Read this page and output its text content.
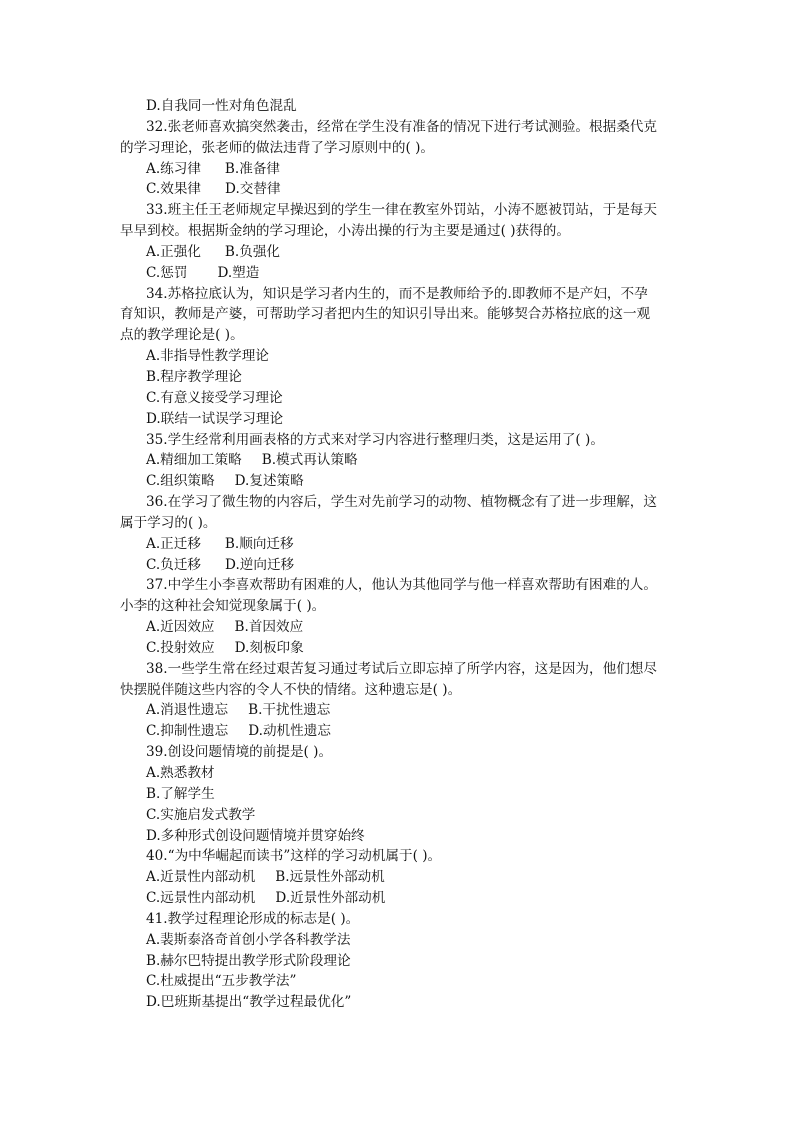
D.自我同一性对角色混乱
32.张老师喜欢搞突然袭击，经常在学生没有准备的情况下进行考试测验。根据桑代克
的学习理论，张老师的做法违背了学习原则中的( )。
A.练习律 B.准备律
C.效果律 D.交替律
33.班主任王老师规定早操迟到的学生一律在教室外罚站，小涛不愿被罚站，于是每天
早早到校。根据斯金纳的学习理论，小涛出操的行为主要是通过( )获得的。
A.正强化 B.负强化
C.惩罚 D.塑造
34.苏格拉底认为，知识是学习者内生的，而不是教师给予的.即教师不是产妇，不孕
育知识，教师是产婆，可帮助学习者把内生的知识引导出来。能够契合苏格拉底的这一观
点的教学理论是( )。
A.非指导性教学理论
B.程序教学理论
C.有意义接受学习理论
D.联结一试误学习理论
35.学生经常利用画表格的方式来对学习内容进行整理归类，这是运用了( )。
A.精细加工策略 B.模式再认策略
C.组织策略 D.复述策略
36.在学习了微生物的内容后，学生对先前学习的动物、植物概念有了进一步理解，这
属于学习的( )。
A.正迁移 B.顺向迁移
C.负迁移 D.逆向迁移
37.中学生小李喜欢帮助有困难的人，他认为其他同学与他一样喜欢帮助有困难的人。
小李的这种社会知觉现象属于( )。
A.近因效应 B.首因效应
C.投射效应 D.刻板印象
38.一些学生常在经过艰苦复习通过考试后立即忘掉了所学内容，这是因为，他们想尽
快摆脱伴随这些内容的令人不快的情绪。这种遗忘是( )。
A.消退性遗忘 B.干扰性遗忘
C.抑制性遗忘 D.动机性遗忘
39.创设问题情境的前提是( )。
A.熟悉教材
B.了解学生
C.实施启发式教学
D.多种形式创设问题情境并贯穿始终
40.“为中华崛起而读书”这样的学习动机属于( )。
A.近景性内部动机 B.远景性外部动机
C.远景性内部动机 D.近景性外部动机
41.教学过程理论形成的标志是( )。
A.裴斯泰洛奇首创小学各科教学法
B.赫尔巴特提出教学形式阶段理论
C.杜威提出“五步教学法”
D.巴班斯基提出“教学过程最优化”
